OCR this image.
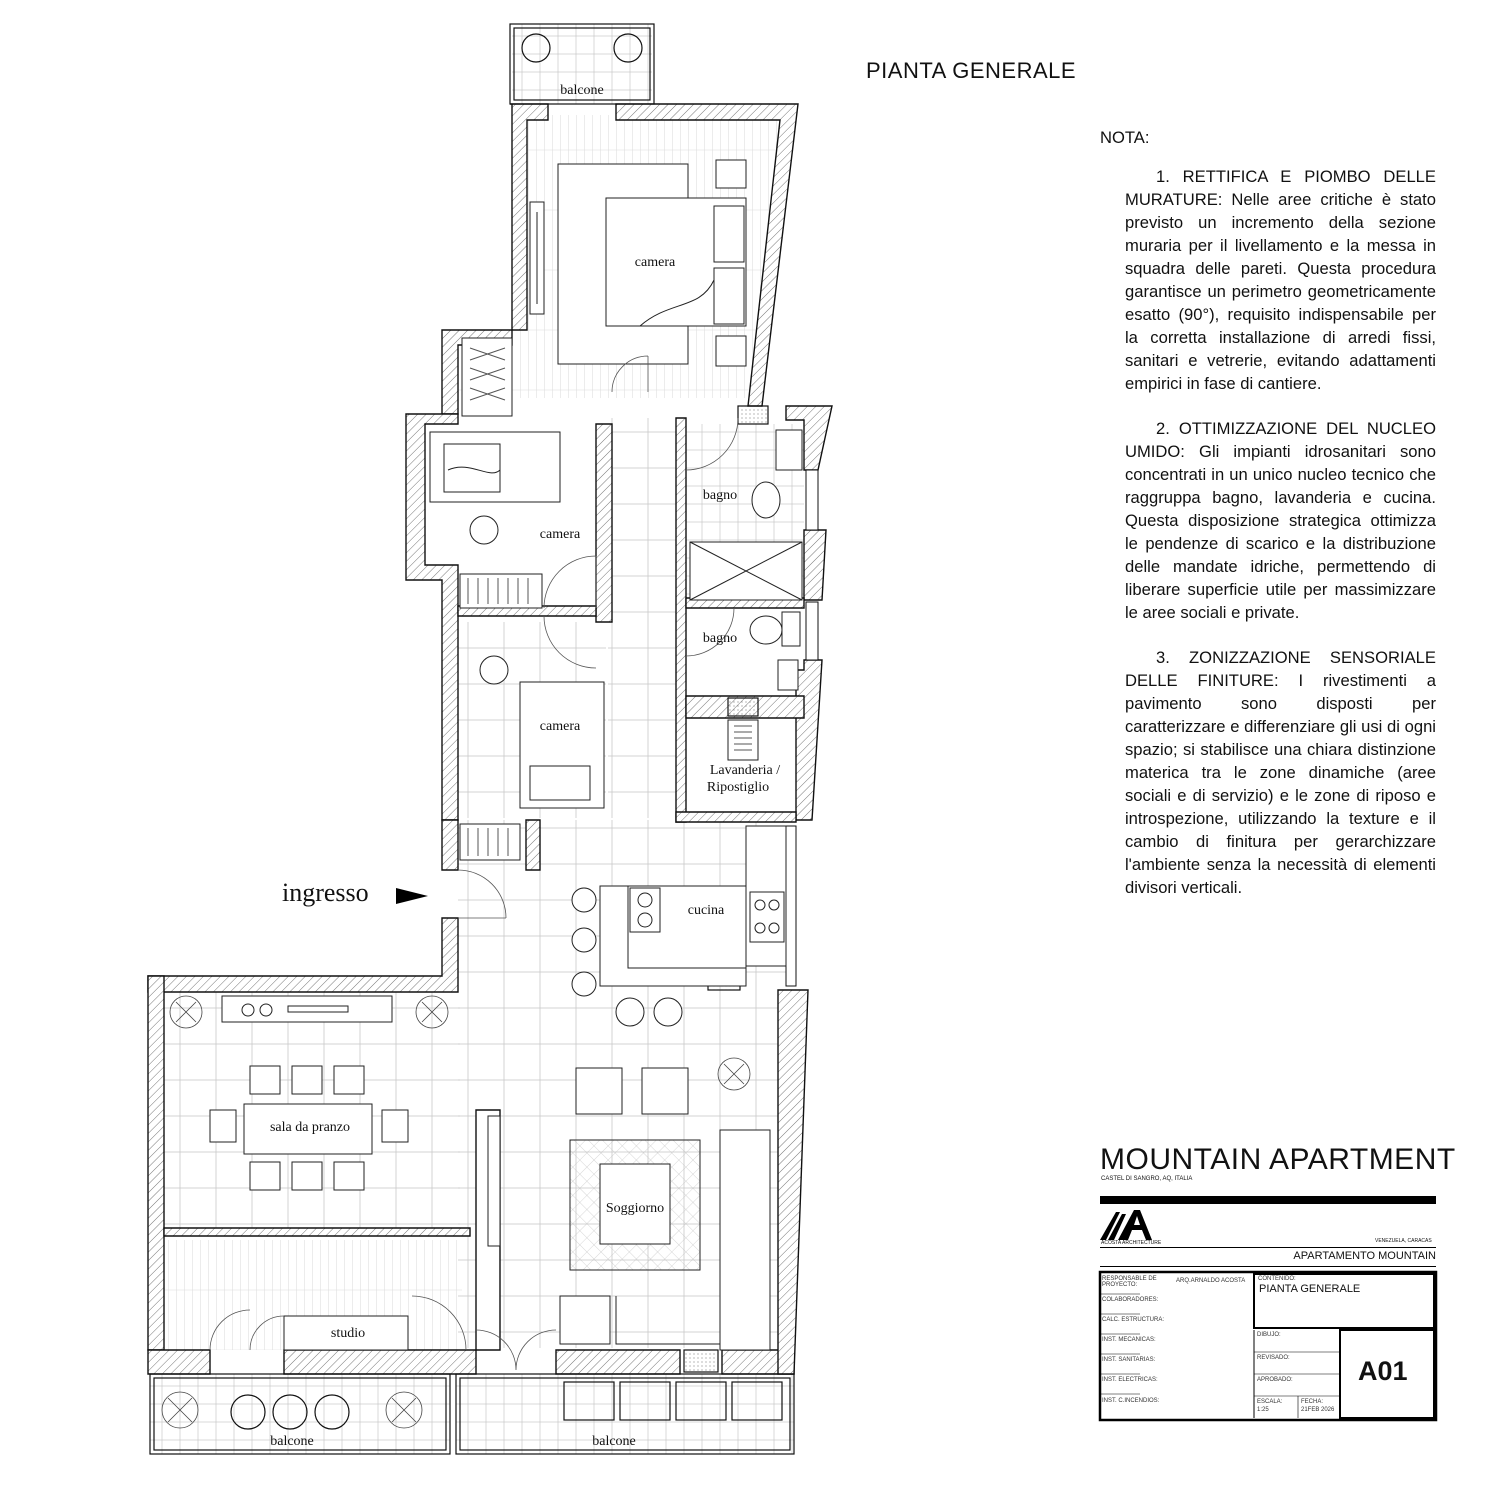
balcone
camera
camera
bagno
bagno
camera
Lavanderia /
Ripostiglio
cucina
sala da pranzo
Soggiorno
studio
balcone	balcone
ingresso
PIANTA GENERALE
NOTA:

1. RETTIFICA E PIOMBO DELLE MURATURE: Nelle aree critiche è stato previsto un incremento della sezione muraria per il livellamento e la messa in squadra delle pareti. Questa procedura garantisce un perimetro geometricamente esatto (90°), requisito indispensabile per la corretta installazione di arredi fissi, sanitari e vetrerie, evitando adattamenti empirici in fase di cantiere.

2. OTTIMIZZAZIONE DEL NUCLEO UMIDO: Gli impianti idrosanitari sono concentrati in un unico nucleo tecnico che raggruppa bagno, lavanderia e cucina. Questa disposizione strategica ottimizza le pendenze di scarico e la distribuzione delle mandate idriche, permettendo di liberare superficie utile per massimizzare le aree sociali e private.

3. ZONIZZAZIONE SENSORIALE DELLE FINITURE: I rivestimenti a pavimento sono disposti per caratterizzare e differenziare gli usi di ogni spazio; si stabilisce una chiara distinzione materica tra le zone dinamiche (aree sociali e di servizio) e le zone di riposo e introspezione, utilizzando la texture e il cambio di finitura per gerarchizzare l'ambiente senza la necessità di elementi divisori verticali.

MOUNTAIN APARTMENT
CASTEL DI SANGRO, AQ, ITALIA
ACOSTA ARCHITECTURE	VENEZUELA, CARACAS
APARTAMENTO MOUNTAIN
RESPONSABLE DE PROYECTO:
ARQ.ARNALDO ACOSTA
COLABORADORES:
CALC. ESTRUCTURA:
INST. MECANICAS:
INST. SANITARIAS:
INST. ELECTRICAS:
INST. C.INCENDIOS:
CONTENIDO:
PIANTA GENERALE
DIBUJO:
REVISADO:
APROBADO:
ESCALA:
1:25
FECHA:
21FEB 2026
A01
